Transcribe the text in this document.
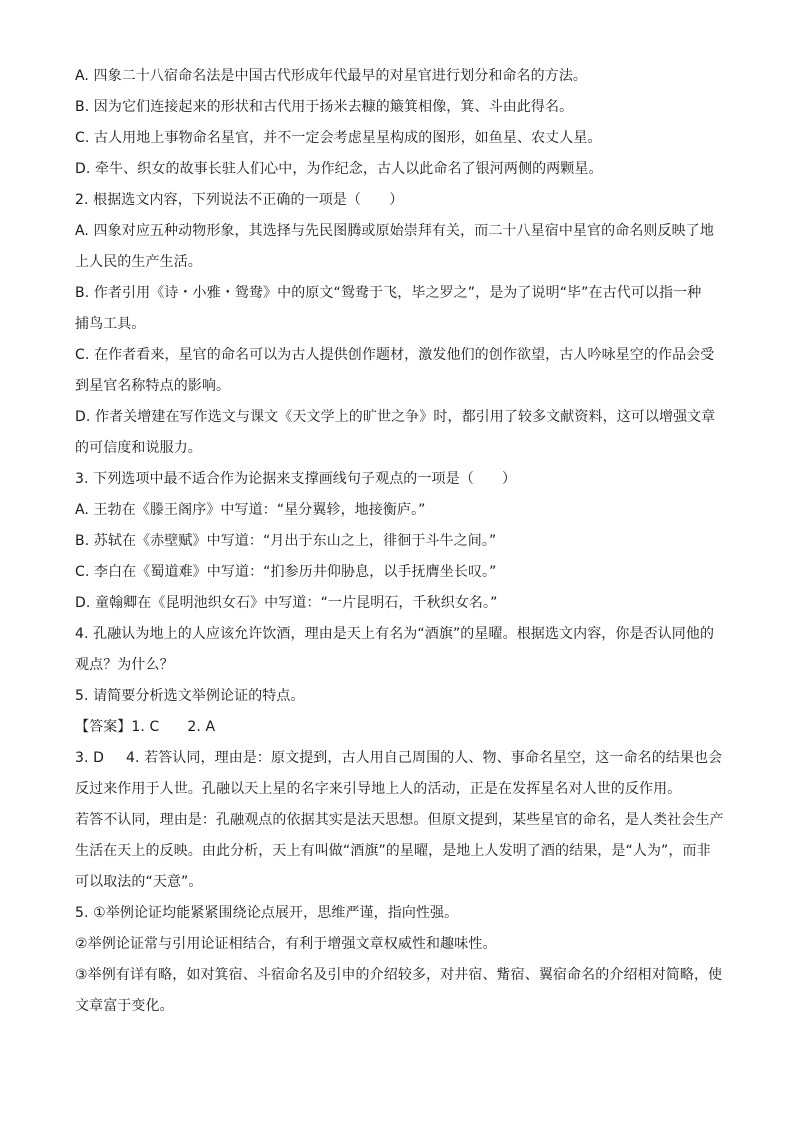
A. 四象二十八宿命名法是中国古代形成年代最早的对星官进行划分和命名的方法。
B. 因为它们连接起来的形状和古代用于扬米去糠的簸箕相像，箕、斗由此得名。
C. 古人用地上事物命名星官，并不一定会考虑星星构成的图形，如鱼星、农丈人星。
D. 牵牛、织女的故事长驻人们心中，为作纪念，古人以此命名了银河两侧的两颗星。
2. 根据选文内容，下列说法不正确的一项是（　　）
A. 四象对应五种动物形象，其选择与先民图腾或原始崇拜有关，而二十八星宿中星官的命名则反映了地
上人民的生产生活。
B. 作者引用《诗・小雅・鸳鸯》中的原文“鸳鸯于飞，毕之罗之”，是为了说明“毕”在古代可以指一种
捕鸟工具。
C. 在作者看来，星官的命名可以为古人提供创作题材，激发他们的创作欲望，古人吟咏星空的作品会受
到星官名称特点的影响。
D. 作者关增建在写作选文与课文《天文学上的旷世之争》时，都引用了较多文献资料，这可以增强文章
的可信度和说服力。
3. 下列选项中最不适合作为论据来支撑画线句子观点的一项是（　　）
A. 王勃在《滕王阁序》中写道：“星分翼轸，地接衡庐。”
B. 苏轼在《赤壁赋》中写道：“月出于东山之上，徘徊于斗牛之间。”
C. 李白在《蜀道难》中写道：“扪参历井仰胁息，以手抚膺坐长叹。”
D. 童翰卿在《昆明池织女石》中写道：“一片昆明石，千秋织女名。”
4. 孔融认为地上的人应该允许饮酒，理由是天上有名为“酒旗”的星曜。根据选文内容，你是否认同他的
观点？为什么？
5. 请简要分析选文举例论证的特点。
【答案】1. C 2. A
3. D 4. 若答认同，理由是：原文提到，古人用自己周围的人、物、事命名星空，这一命名的结果也会
反过来作用于人世。孔融以天上星的名字来引导地上人的活动，正是在发挥星名对人世的反作用。
若答不认同，理由是：孔融观点的依据其实是法天思想。但原文提到，某些星官的命名，是人类社会生产
生活在天上的反映。由此分析，天上有叫做“酒旗”的星曜，是地上人发明了酒的结果，是“人为”，而非
可以取法的“天意”。
5. ①举例论证均能紧紧围绕论点展开，思维严谨，指向性强。
②举例论证常与引用论证相结合，有利于增强文章权威性和趣味性。
③举例有详有略，如对箕宿、斗宿命名及引申的介绍较多，对井宿、觜宿、翼宿命名的介绍相对简略，使
文章富于变化。
